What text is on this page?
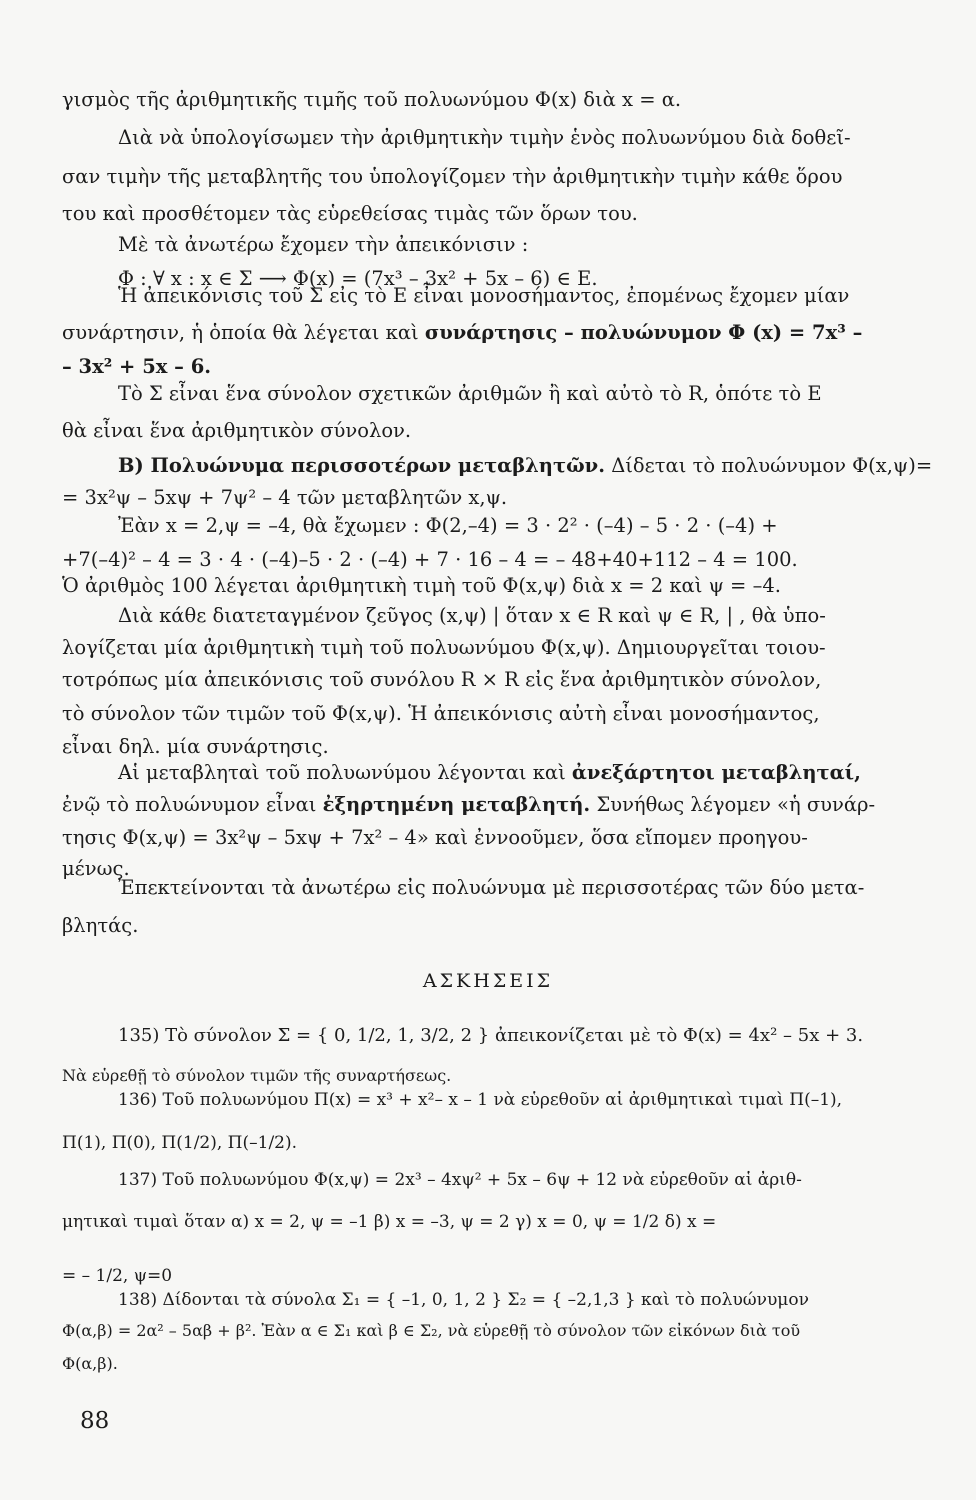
γισμὸς τῆς ἀριθμητικῆς τιμῆς τοῦ πολυωνύμου Φ(x) διὰ x = α.
Διὰ νὰ ὑπολογίσωμεν τὴν ἀριθμητικὴν τιμὴν ἑνὸς πολυωνύμου διὰ δοθεῖ-
σαν τιμὴν τῆς μεταβλητῆς του ὑπολογίζομεν τὴν ἀριθμητικὴν τιμὴν κάθε ὅρου
του καὶ προσθέτομεν τὰς εὑρεθείσας τιμὰς τῶν ὅρων του.
Μὲ τὰ ἀνωτέρω ἔχομεν τὴν ἀπεικόνισιν :
Φ : ∀ x : x ∈ Σ ⟶ Φ(x) = (7x³ – 3x² + 5x – 6) ∈ E.
Ἡ ἀπεικόνισις τοῦ Σ εἰς τὸ E εἶναι μονοσήμαντος, ἐπομένως ἔχομεν μίαν
συνάρτησιν, ἡ ὁποία θὰ λέγεται καὶ συνάρτησις – πολυώνυμον Φ (x) = 7x³ –
– 3x² + 5x – 6.
Τὸ Σ εἶναι ἕνα σύνολον σχετικῶν ἀριθμῶν ἢ καὶ αὐτὸ τὸ R, ὁπότε τὸ E
θὰ εἶναι ἕνα ἀριθμητικὸν σύνολον.
Β) Πολυώνυμα περισσοτέρων μεταβλητῶν. Δίδεται τὸ πολυώνυμον Φ(x,ψ)=
= 3x²ψ – 5xψ + 7ψ² – 4 τῶν μεταβλητῶν x,ψ.
Ἐὰν x = 2,ψ = –4, θὰ ἔχωμεν : Φ(2,–4) = 3 · 2² · (–4) – 5 · 2 · (–4) +
+7(–4)² – 4 = 3 · 4 · (–4)–5 · 2 · (–4) + 7 · 16 – 4 = – 48+40+112 – 4 = 100.
Ὁ ἀριθμὸς 100 λέγεται ἀριθμητικὴ τιμὴ τοῦ Φ(x,ψ) διὰ x = 2 καὶ ψ = –4.
Διὰ κάθε διατεταγμένον ζεῦγος (x,ψ) | ὅταν x ∈ R καὶ ψ ∈ R, | , θὰ ὑπο-
λογίζεται μία ἀριθμητικὴ τιμὴ τοῦ πολυωνύμου Φ(x,ψ). Δημιουργεῖται τοιου-
τοτρόπως μία ἀπεικόνισις τοῦ συνόλου R × R εἰς ἕνα ἀριθμητικὸν σύνολον,
τὸ σύνολον τῶν τιμῶν τοῦ Φ(x,ψ). Ἡ ἀπεικόνισις αὐτὴ εἶναι μονοσήμαντος,
εἶναι δηλ. μία συνάρτησις.
Αἱ μεταβληταὶ τοῦ πολυωνύμου λέγονται καὶ ἀνεξάρτητοι μεταβληταί,
ἐνῷ τὸ πολυώνυμον εἶναι ἐξηρτημένη μεταβλητή. Συνήθως λέγομεν «ἡ συνάρ-
τησις Φ(x,ψ) = 3x²ψ – 5xψ + 7x² – 4» καὶ ἐννοοῦμεν, ὅσα εἴπομεν προηγου-
μένως.
Ἐπεκτείνονται τὰ ἀνωτέρω εἰς πολυώνυμα μὲ περισσοτέρας τῶν δύο μετα-
βλητάς.
ΑΣΚΗΣΕΙΣ
135) Τὸ σύνολον Σ = { 0, 1/2, 1, 3/2, 2 } ἀπεικονίζεται μὲ τὸ Φ(x) = 4x² – 5x + 3.
Νὰ εὑρεθῇ τὸ σύνολον τιμῶν τῆς συναρτήσεως.
136) Τοῦ πολυωνύμου Π(x) = x³ + x²– x – 1 νὰ εὑρεθοῦν αἱ ἀριθμητικαὶ τιμαὶ Π(–1),
Π(1), Π(0), Π(1/2), Π(–1/2).
137) Τοῦ πολυωνύμου Φ(x,ψ) = 2x³ – 4xψ² + 5x – 6ψ + 12 νὰ εὑρεθοῦν αἱ ἀριθ-
μητικαὶ τιμαὶ ὅταν α) x = 2, ψ = –1 β) x = –3, ψ = 2 γ) x = 0, ψ = 1/2 δ) x =
= – 1/2, ψ=0
138) Δίδονται τὰ σύνολα Σ₁ = { –1, 0, 1, 2 } Σ₂ = { –2,1,3 } καὶ τὸ πολυώνυμον
Φ(α,β) = 2α² – 5αβ + β². Ἐὰν α ∈ Σ₁ καὶ β ∈ Σ₂, νὰ εὑρεθῇ τὸ σύνολον τῶν εἰκόνων διὰ τοῦ
Φ(α,β).
88
